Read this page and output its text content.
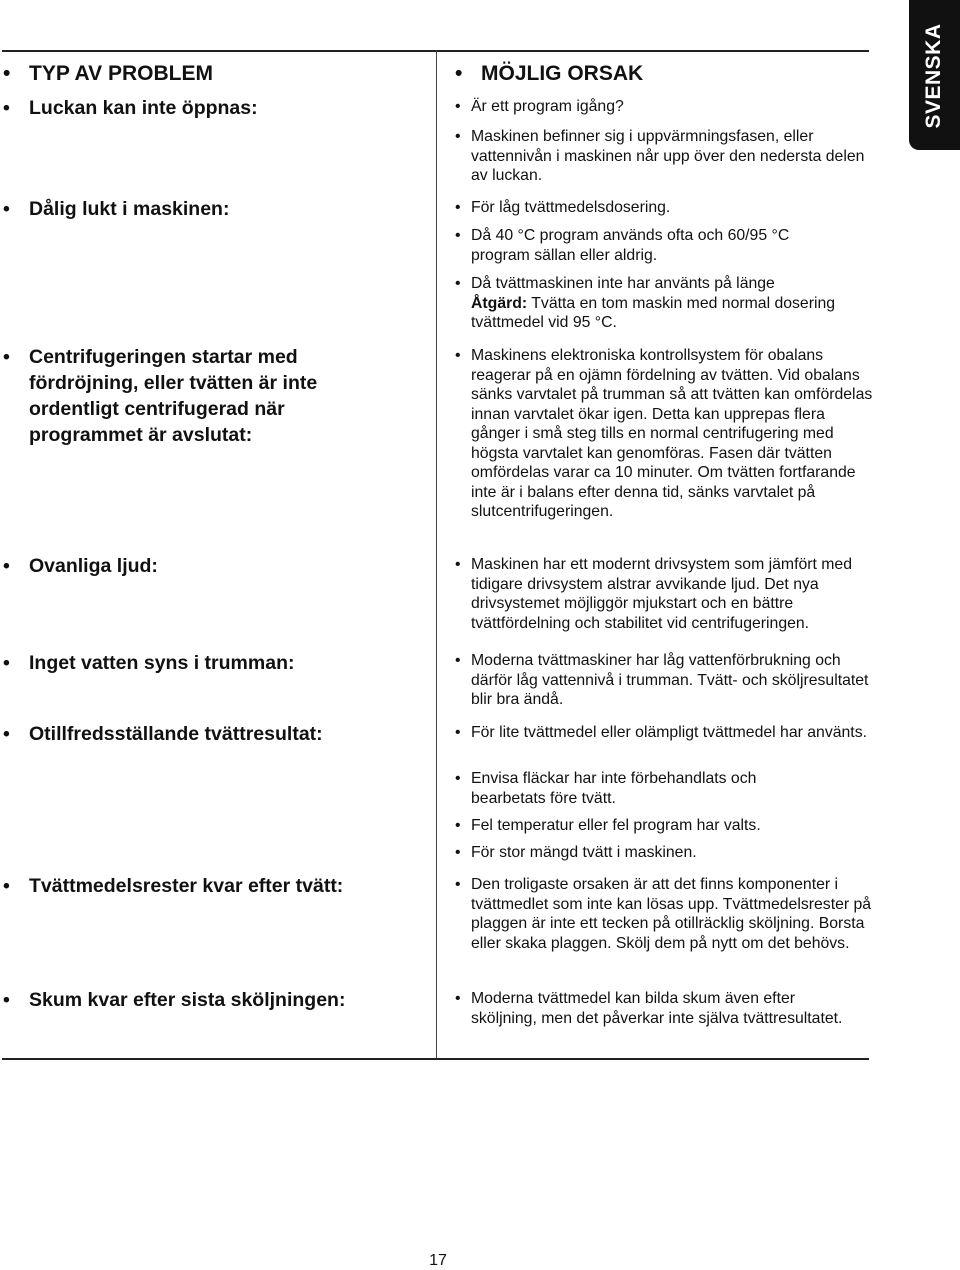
SVENSKA
• TYP AV PROBLEM	• MÖJLIG ORSAK
• Luckan kan inte öppnas:	• Är ett program igång?
• Maskinen befinner sig i uppvärmningsfasen, eller vattennivån i maskinen når upp över den nedersta delen av luckan.
• Dålig lukt i maskinen:	• För låg tvättmedelsdosering.
• Då 40 °C program används ofta och 60/95 °C program sällan eller aldrig.
• Då tvättmaskinen inte har använts på länge
Åtgärd: Tvätta en tom maskin med normal dosering tvättmedel vid 95 °C.
• Centrifugeringen startar med fördröjning, eller tvätten är inte ordentligt centrifugerad när programmet är avslutat:
• Maskinens elektroniska kontrollsystem för obalans reagerar på en ojämn fördelning av tvätten. Vid obalans sänks varvtalet på trumman så att tvätten kan omfördelas innan varvtalet ökar igen. Detta kan upprepas flera gånger i små steg tills en normal centrifugering med högsta varvtalet kan genomföras. Fasen där tvätten omfördelas varar ca 10 minuter. Om tvätten fortfarande inte är i balans efter denna tid, sänks varvtalet på slutcentrifugeringen.
• Ovanliga ljud:	• Maskinen har ett modernt drivsystem som jämfört med tidigare drivsystem alstrar avvikande ljud. Det nya drivsystemet möjliggör mjukstart och en bättre tvättfördelning och stabilitet vid centrifugeringen.
• Inget vatten syns i trumman:	• Moderna tvättmaskiner har låg vattenförbrukning och därför låg vattennivå i trumman. Tvätt- och sköljresultatet blir bra ändå.
• Otillfredsställande tvättresultat:	• För lite tvättmedel eller olämpligt tvättmedel har använts.
• Envisa fläckar har inte förbehandlats och bearbetats före tvätt.
• Fel temperatur eller fel program har valts.
• För stor mängd tvätt i maskinen.
• Tvättmedelsrester kvar efter tvätt:	• Den troligaste orsaken är att det finns komponenter i tvättmedlet som inte kan lösas upp. Tvättmedelsrester på plaggen är inte ett tecken på otillräcklig sköljning. Borsta eller skaka plaggen. Skölj dem på nytt om det behövs.
• Skum kvar efter sista sköljningen:	• Moderna tvättmedel kan bilda skum även efter sköljning, men det påverkar inte själva tvättresultatet.
17
